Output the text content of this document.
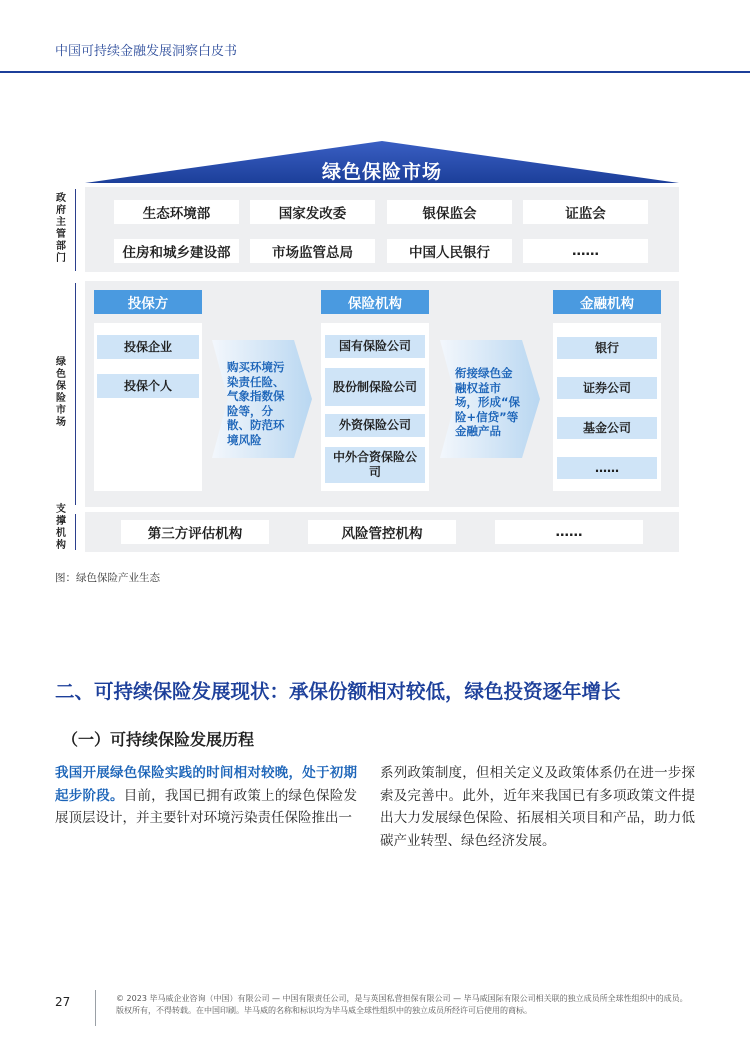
中国可持续金融发展洞察白皮书
绿色保险市场
政府主管部门
生态环境部	国家发改委	银保监会	证监会
住房和城乡建设部	市场监管总局	中国人民银行	……
绿色保险市场
投保方
投保企业
投保个人
购买环境污染责任险、气象指数保险等，分散、防范环境风险
保险机构
国有保险公司
股份制保险公司
外资保险公司
中外合资保险公司
衔接绿色金融权益市场，形成“保险+信贷”等金融产品
金融机构
银行
证券公司
基金公司
……
支撑机构
第三方评估机构	风险管控机构	……
图：绿色保险产业生态
二、可持续保险发展现状：承保份额相对较低，绿色投资逐年增长
（一）可持续保险发展历程
我国开展绿色保险实践的时间相对较晚，处于初期起步阶段。目前，我国已拥有政策上的绿色保险发展顶层设计，并主要针对环境污染责任保险推出一
系列政策制度，但相关定义及政策体系仍在进一步探索及完善中。此外，近年来我国已有多项政策文件提出大力发展绿色保险、拓展相关项目和产品，助力低碳产业转型、绿色经济发展。
27	© 2023 毕马威企业咨询（中国）有限公司 — 中国有限责任公司，是与英国私营担保有限公司 — 毕马威国际有限公司相关联的独立成员所全球性组织中的成员。
版权所有，不得转载。在中国印刷。毕马威的名称和标识均为毕马威全球性组织中的独立成员所经许可后使用的商标。
